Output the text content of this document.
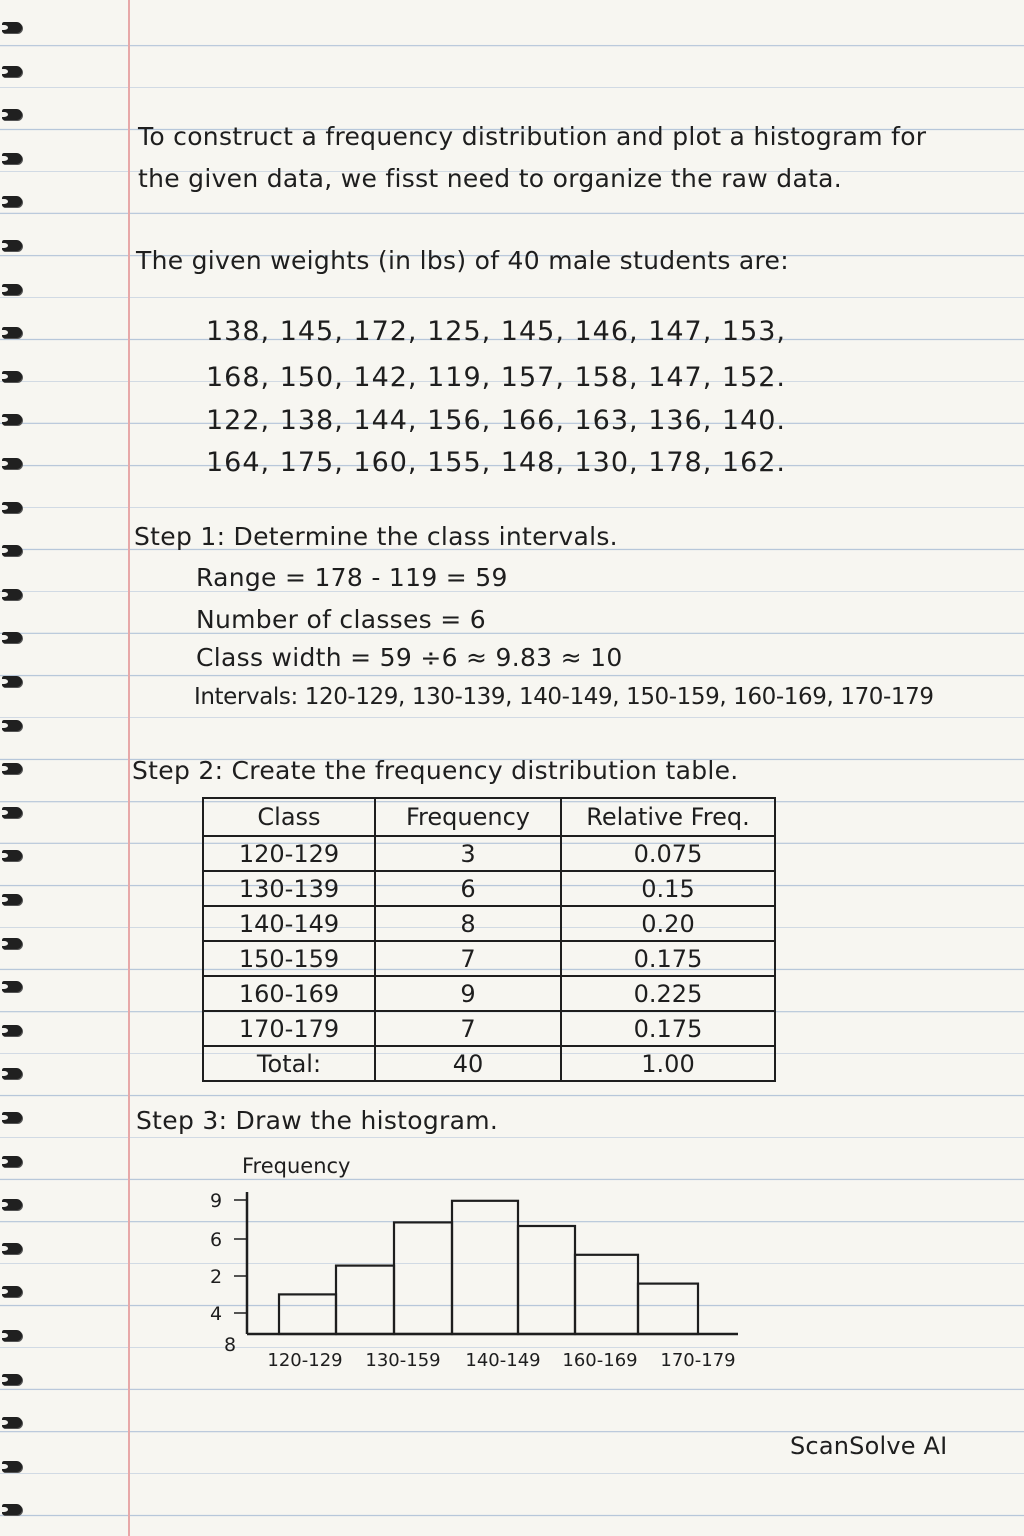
To construct a frequency distribution and plot a histogram for
the given data, we fisst need to organize the raw data.
The given weights (in lbs) of 40 male students are:
138, 145, 172, 125, 145, 146, 147, 153,
168, 150, 142, 119, 157, 158, 147, 152.
122, 138, 144, 156, 166, 163, 136, 140.
164, 175, 160, 155, 148, 130, 178, 162.
Step 1: Determine the class intervals.
Range = 178 - 119 = 59
Number of classes = 6
Class width = 59 ÷6 ≈ 9.83 ≈ 10
Intervals: 120-129, 130-139, 140-149, 150-159, 160-169, 170-179
Step 2: Create the frequency distribution table.
Class	Frequency	Relative Freq.
120-129	3	0.075
130-139	6	0.15
140-149	8	0.20
150-159	7	0.175
160-169	9	0.225
170-179	7	0.175
Total:	40	1.00
Step 3: Draw the histogram.
Frequency
9
6
2
4
8
120-129 130-159 140-149 160-169 170-179
ScanSolve AI
